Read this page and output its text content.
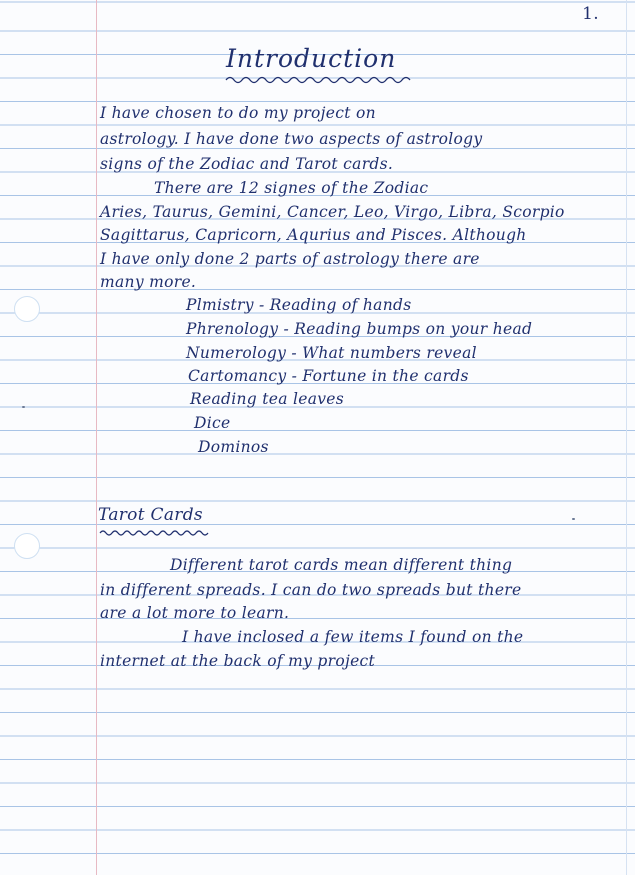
1.
Introduction
I have chosen to do my project on
astrology. I have done two aspects of astrology
signs of the Zodiac and Tarot cards.
There are 12 signes of the Zodiac
Aries, Taurus, Gemini, Cancer, Leo, Virgo, Libra, Scorpio
Sagittarus, Capricorn, Aqurius and Pisces. Although
I have only done 2 parts of astrology there are
many more.
Plmistry - Reading of hands
Phrenology - Reading bumps on your head
Numerology - What numbers reveal
Cartomancy - Fortune in the cards
Reading tea leaves
Dice
Dominos
Tarot Cards
Different tarot cards mean different thing
in different spreads. I can do two spreads but there
are a lot more to learn.
I have inclosed a few items I found on the
internet at the back of my project
